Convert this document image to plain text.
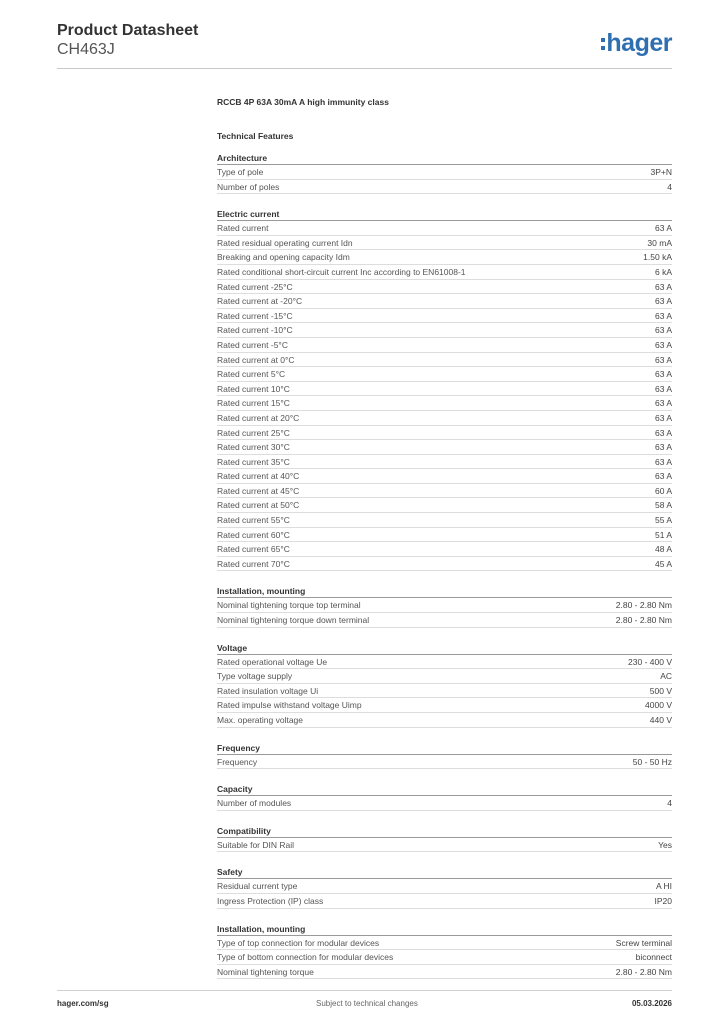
Product Datasheet
CH463J	hager
RCCB 4P 63A 30mA A high immunity class
Technical Features
Architecture
Type of pole	3P+N
Number of poles	4
Electric current
Rated current	63 A
Rated residual operating current Idn	30 mA
Breaking and opening capacity Idm	1.50 kA
Rated conditional short-circuit current Inc according to EN61008-1	6 kA
Rated current -25°C	63 A
Rated current at -20°C	63 A
Rated current -15°C	63 A
Rated current -10°C	63 A
Rated current -5°C	63 A
Rated current at 0°C	63 A
Rated current 5°C	63 A
Rated current 10°C	63 A
Rated current 15°C	63 A
Rated current at 20°C	63 A
Rated current 25°C	63 A
Rated current 30°C	63 A
Rated current 35°C	63 A
Rated current at 40°C	63 A
Rated current at 45°C	60 A
Rated current at 50°C	58 A
Rated current 55°C	55 A
Rated current 60°C	51 A
Rated current 65°C	48 A
Rated current 70°C	45 A
Installation, mounting
Nominal tightening torque top terminal	2.80 - 2.80 Nm
Nominal tightening torque down terminal	2.80 - 2.80 Nm
Voltage
Rated operational voltage Ue	230 - 400 V
Type voltage supply	AC
Rated insulation voltage Ui	500 V
Rated impulse withstand voltage Uimp	4000 V
Max. operating voltage	440 V
Frequency
Frequency	50 - 50 Hz
Capacity
Number of modules	4
Compatibility
Suitable for DIN Rail	Yes
Safety
Residual current type	A HI
Ingress Protection (IP) class	IP20
Installation, mounting
Type of top connection for modular devices	Screw terminal
Type of bottom connection for modular devices	biconnect
Nominal tightening torque	2.80 - 2.80 Nm
hager.com/sg	Subject to technical changes	05.03.2026
